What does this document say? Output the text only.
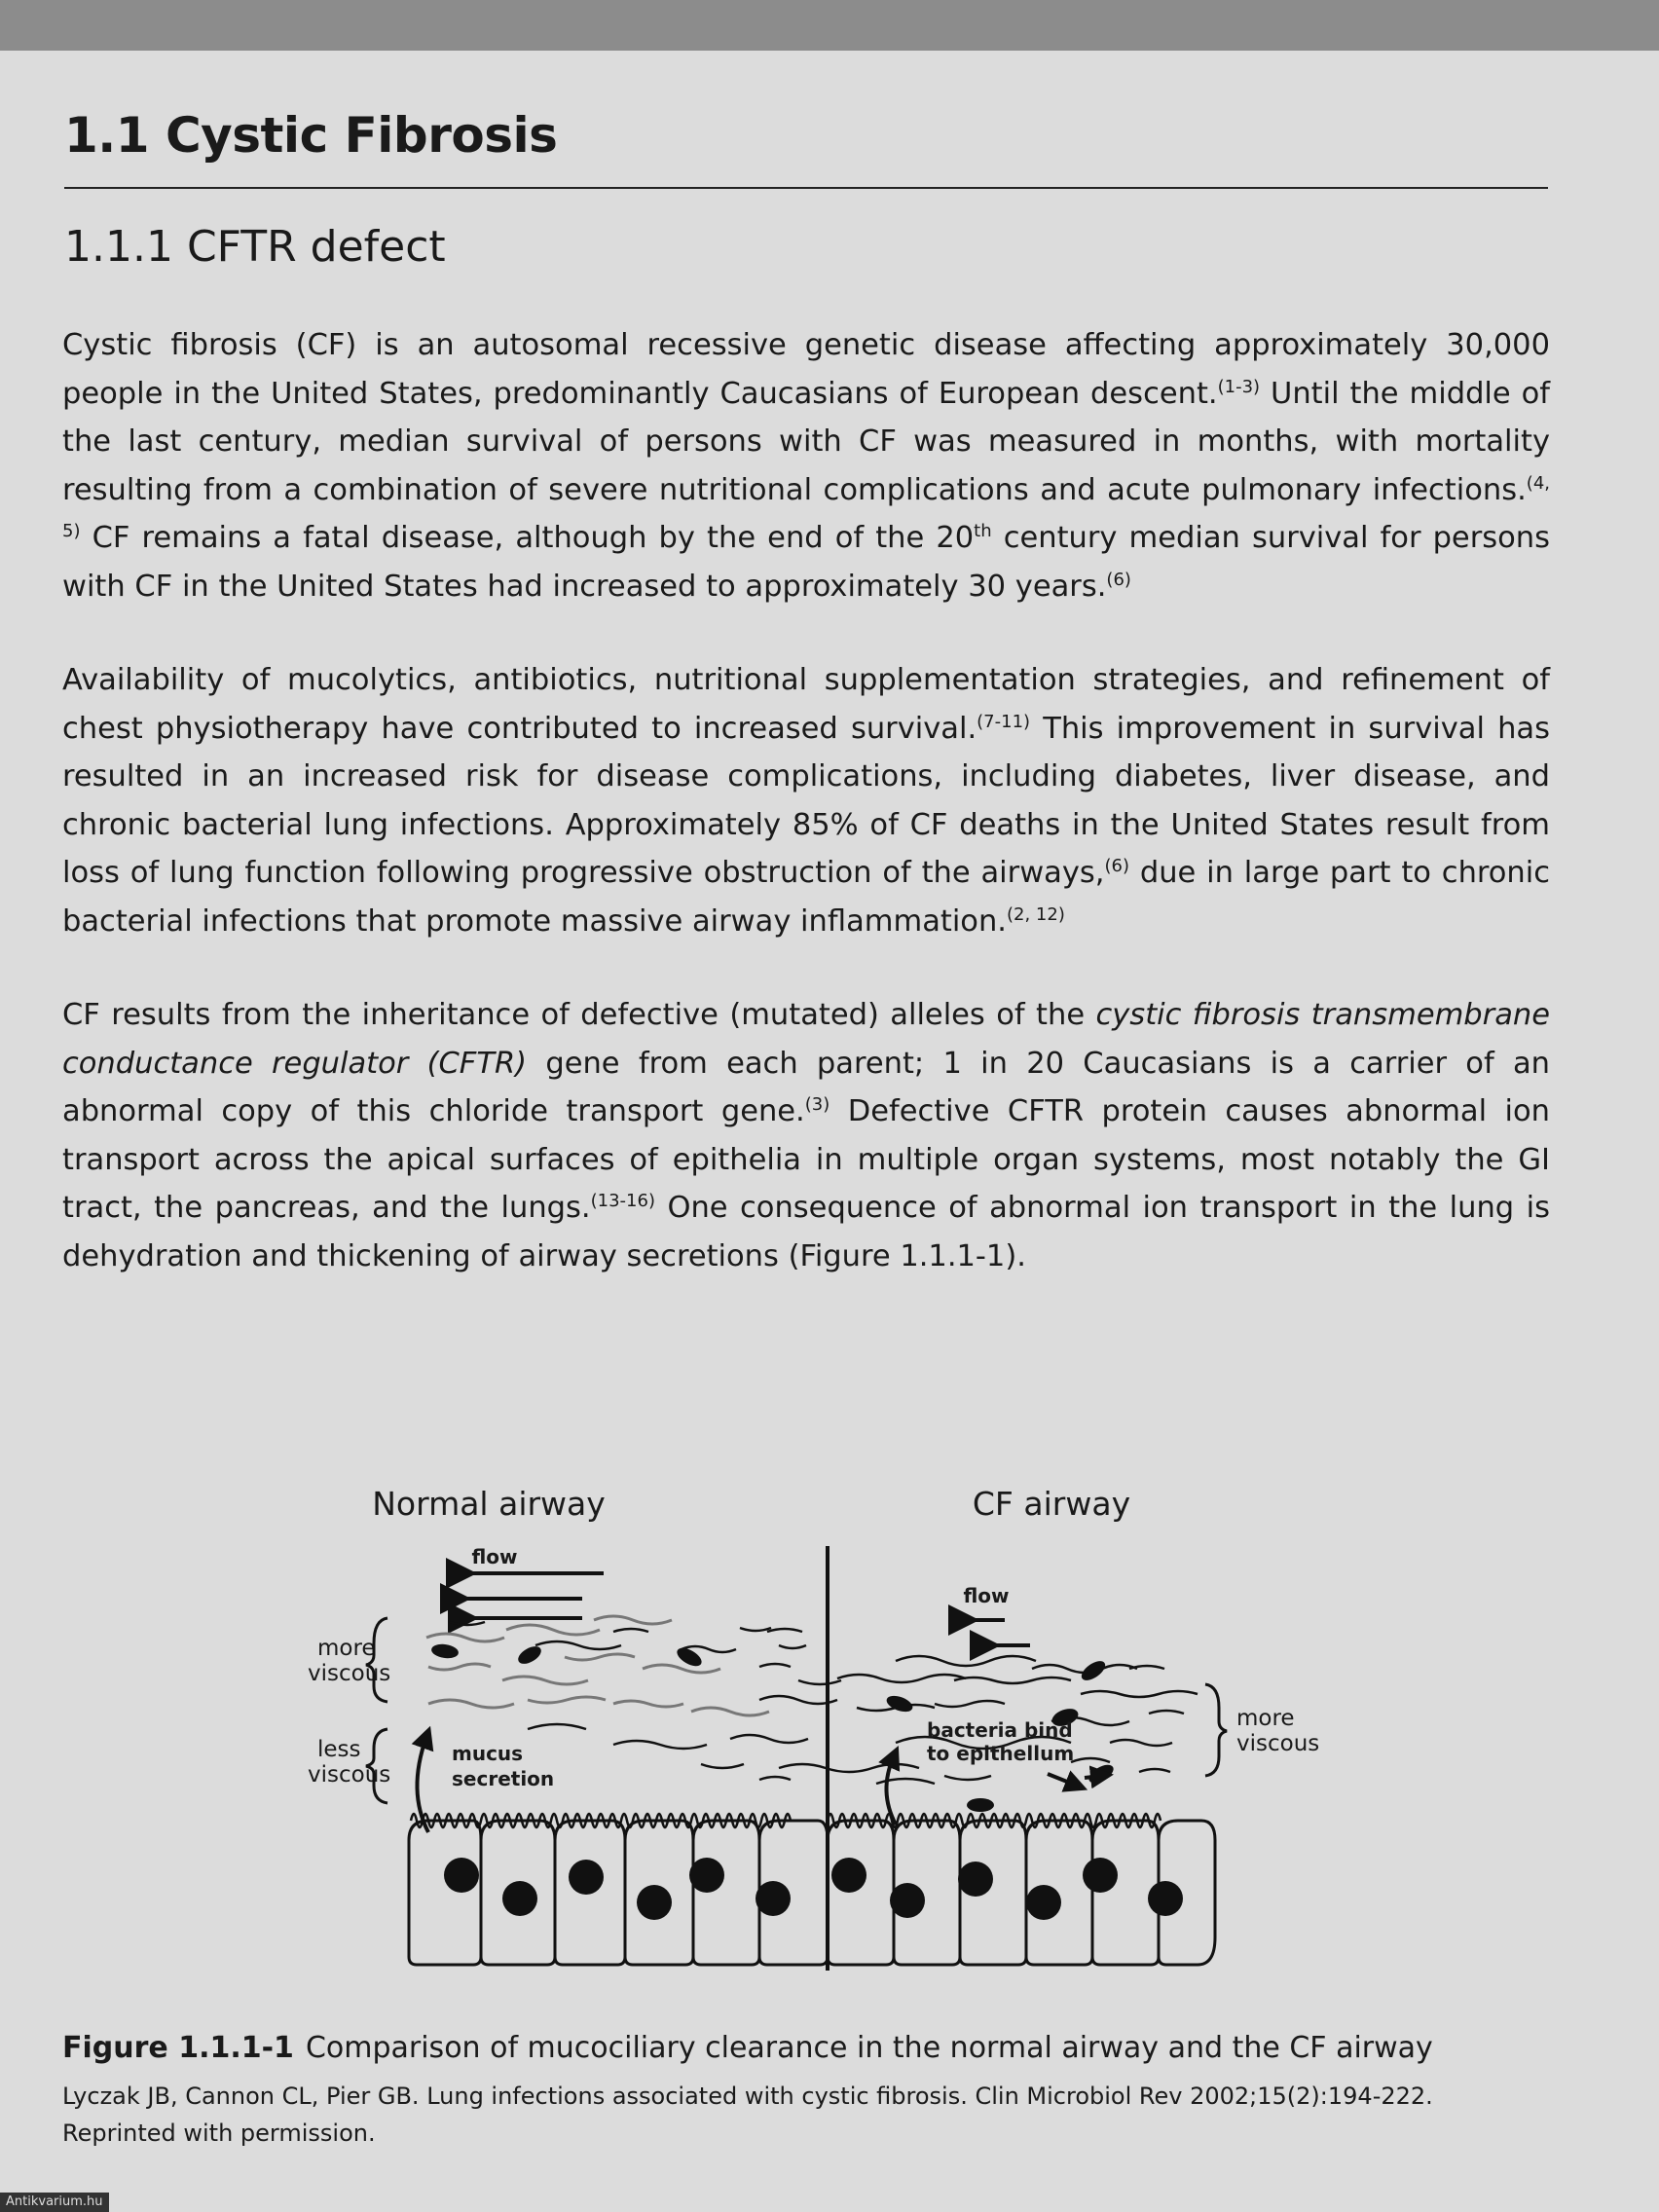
1.1 Cystic Fibrosis
1.1.1 CFTR defect

Cystic fibrosis (CF) is an autosomal recessive genetic disease affecting approximately 30,000 people in the United States, predominantly Caucasians of European descent.$^{(1-3)}$ Until the middle of the last century, median survival of persons with CF was measured in months, with mortality resulting from a combination of severe nutritional complications and acute pulmonary infections.$^{(4, 5)}$ CF remains a fatal disease, although by the end of the 20th century median survival for persons with CF in the United States had increased to approximately 30 years.$^{(6)}$

Availability of mucolytics, antibiotics, nutritional supplementation strategies, and refinement of chest physiotherapy have contributed to increased survival.$^{(7-11)}$ This improvement in survival has resulted in an increased risk for disease complications, including diabetes, liver disease, and chronic bacterial lung infections. Approximately 85% of CF deaths in the United States result from loss of lung function following progressive obstruction of the airways,$^{(6)}$ due in large part to chronic bacterial infections that promote massive airway inflammation.$^{(2, 12)}$

CF results from the inheritance of defective (mutated) alleles of the cystic fibrosis transmembrane conductance regulator (CFTR) gene from each parent; 1 in 20 Caucasians is a carrier of an abnormal copy of this chloride transport gene.$^{(3)}$ Defective CFTR protein causes abnormal ion transport across the apical surfaces of epithelia in multiple organ systems, most notably the GI tract, the pancreas, and the lungs.$^{(13-16)}$ One consequence of abnormal ion transport in the lung is dehydration and thickening of airway secretions (Figure 1.1.1-1).

Normal airway	CF airway
flow
flow
more
viscous
less
viscous
more
viscous
mucus
secretion
bacteria bind
to epithellum

Figure 1.1.1-1 Comparison of mucociliary clearance in the normal airway and the CF airway

Lyczak JB, Cannon CL, Pier GB. Lung infections associated with cystic fibrosis. Clin Microbiol Rev 2002;15(2):194-222.
Reprinted with permission.

Antikvarium.hu
